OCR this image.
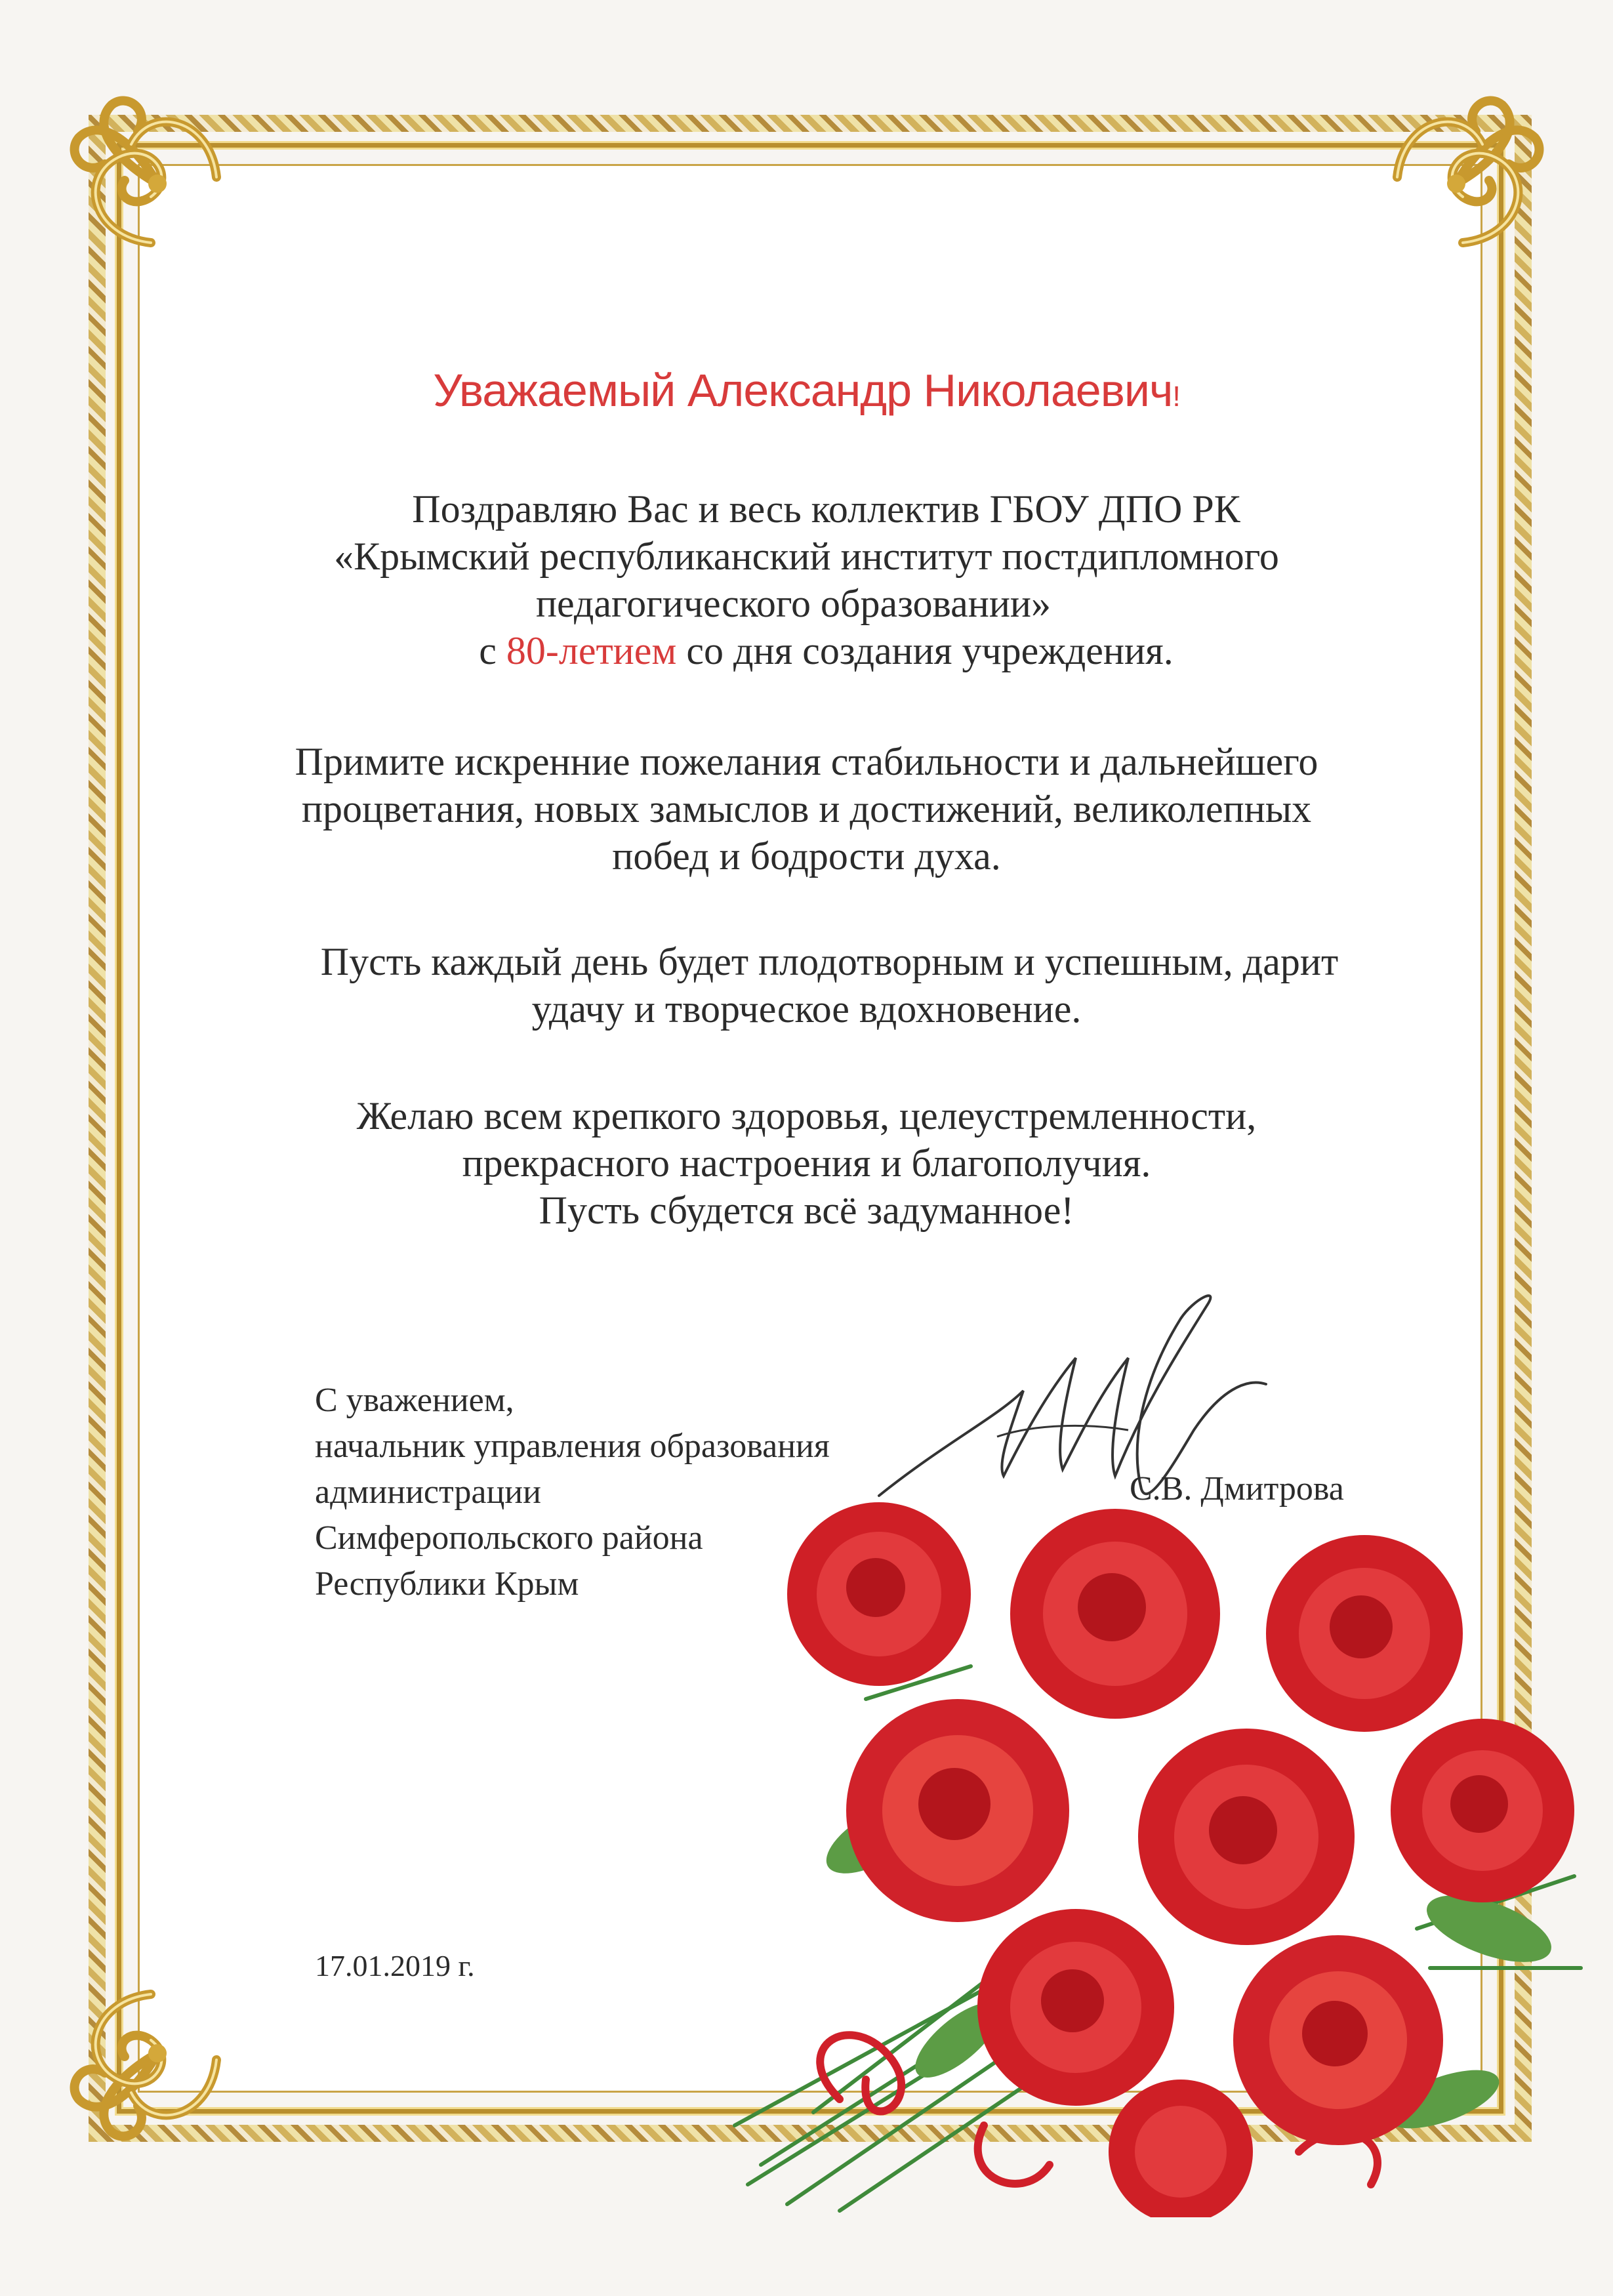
Уважаемый Александр Николаевич!
Поздравляю Вас и весь коллектив ГБОУ ДПО РК
«Крымский республиканский институт постдипломного
педагогического образовании»
с 80-летием со дня создания учреждения.
Примите искренние пожелания стабильности и дальнейшего
процветания, новых замыслов и достижений, великолепных
побед и бодрости духа.
Пусть каждый день будет плодотворным и успешным, дарит
удачу и творческое вдохновение.
Желаю всем крепкого здоровья, целеустремленности,
прекрасного настроения и благополучия.
Пусть сбудется всё задуманное!
С уважением,
начальник управления образования
администрации
Симферопольского района
Республики Крым
С.В. Дмитрова
17.01.2019 г.
